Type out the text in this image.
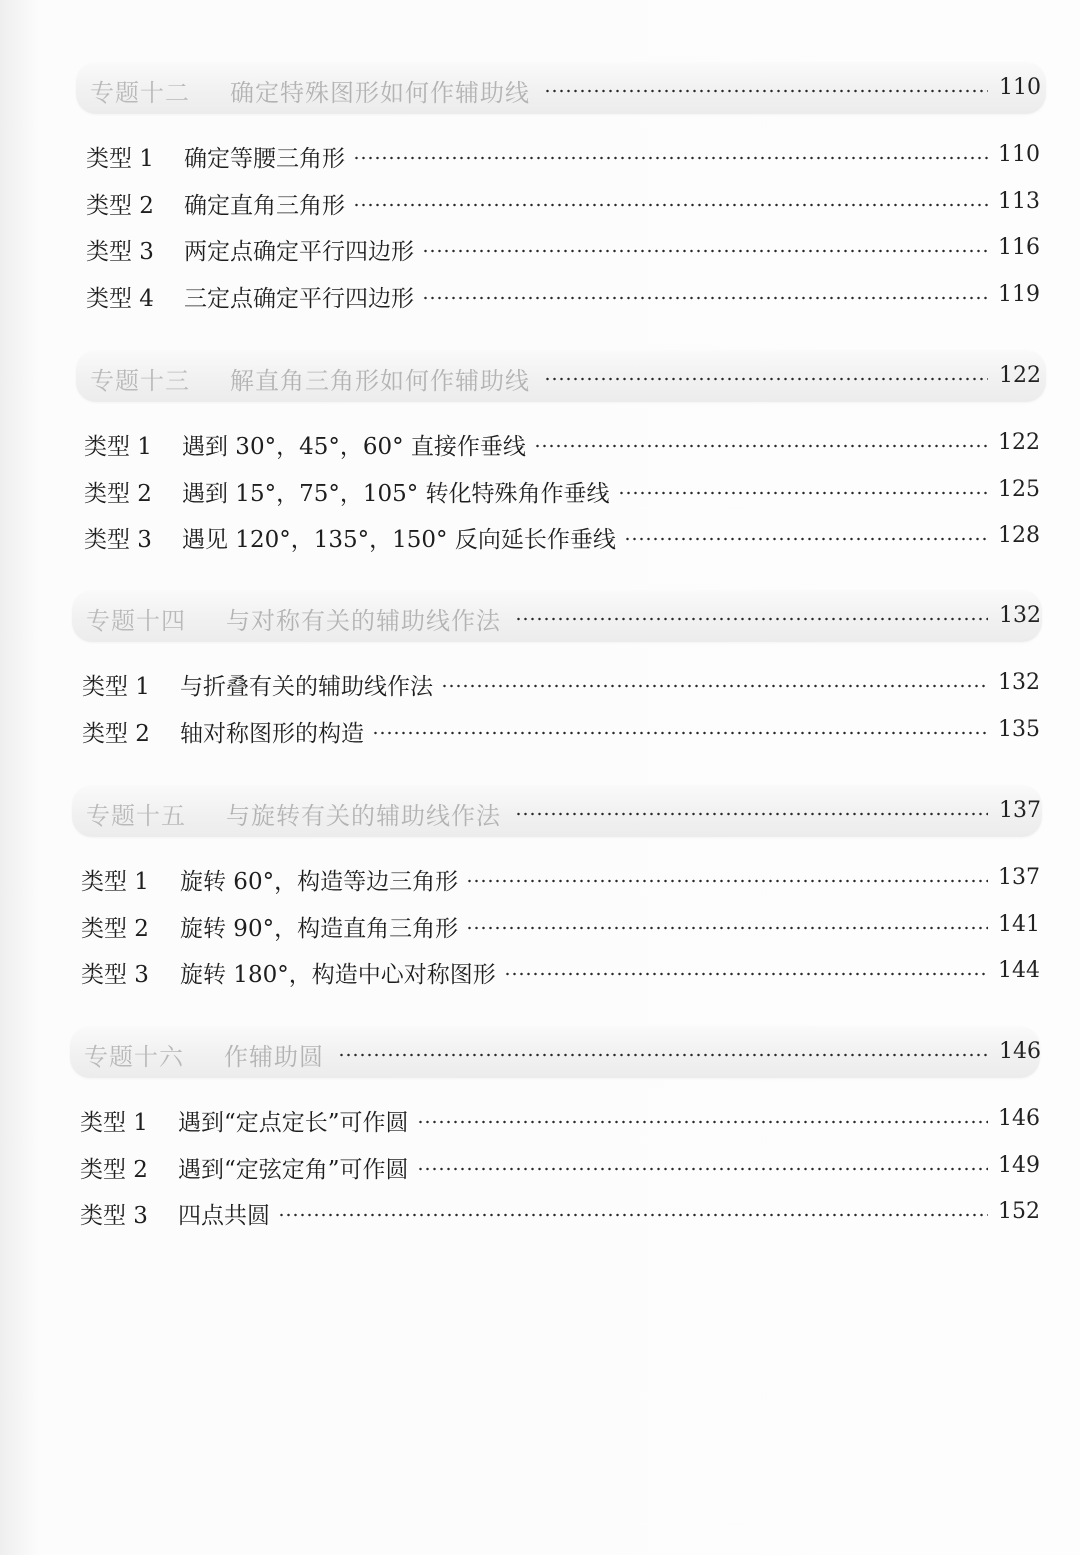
专题十二 确定特殊图形如何作辅助线	110
类型 1 确定等腰三角形	110
类型 2 确定直角三角形	113
类型 3 两定点确定平行四边形	116
类型 4 三定点确定平行四边形	119
专题十三 解直角三角形如何作辅助线	122
类型 1 遇到 30°，45°，60° 直接作垂线	122
类型 2 遇到 15°，75°，105° 转化特殊角作垂线	125
类型 3 遇见 120°，135°，150° 反向延长作垂线	128
专题十四 与对称有关的辅助线作法	132
类型 1 与折叠有关的辅助线作法	132
类型 2 轴对称图形的构造	135
专题十五 与旋转有关的辅助线作法	137
类型 1 旋转 60°，构造等边三角形	137
类型 2 旋转 90°，构造直角三角形	141
类型 3 旋转 180°，构造中心对称图形	144
专题十六 作辅助圆	146
类型 1 遇到“定点定长”可作圆	146
类型 2 遇到“定弦定角”可作圆	149
类型 3 四点共圆	152
